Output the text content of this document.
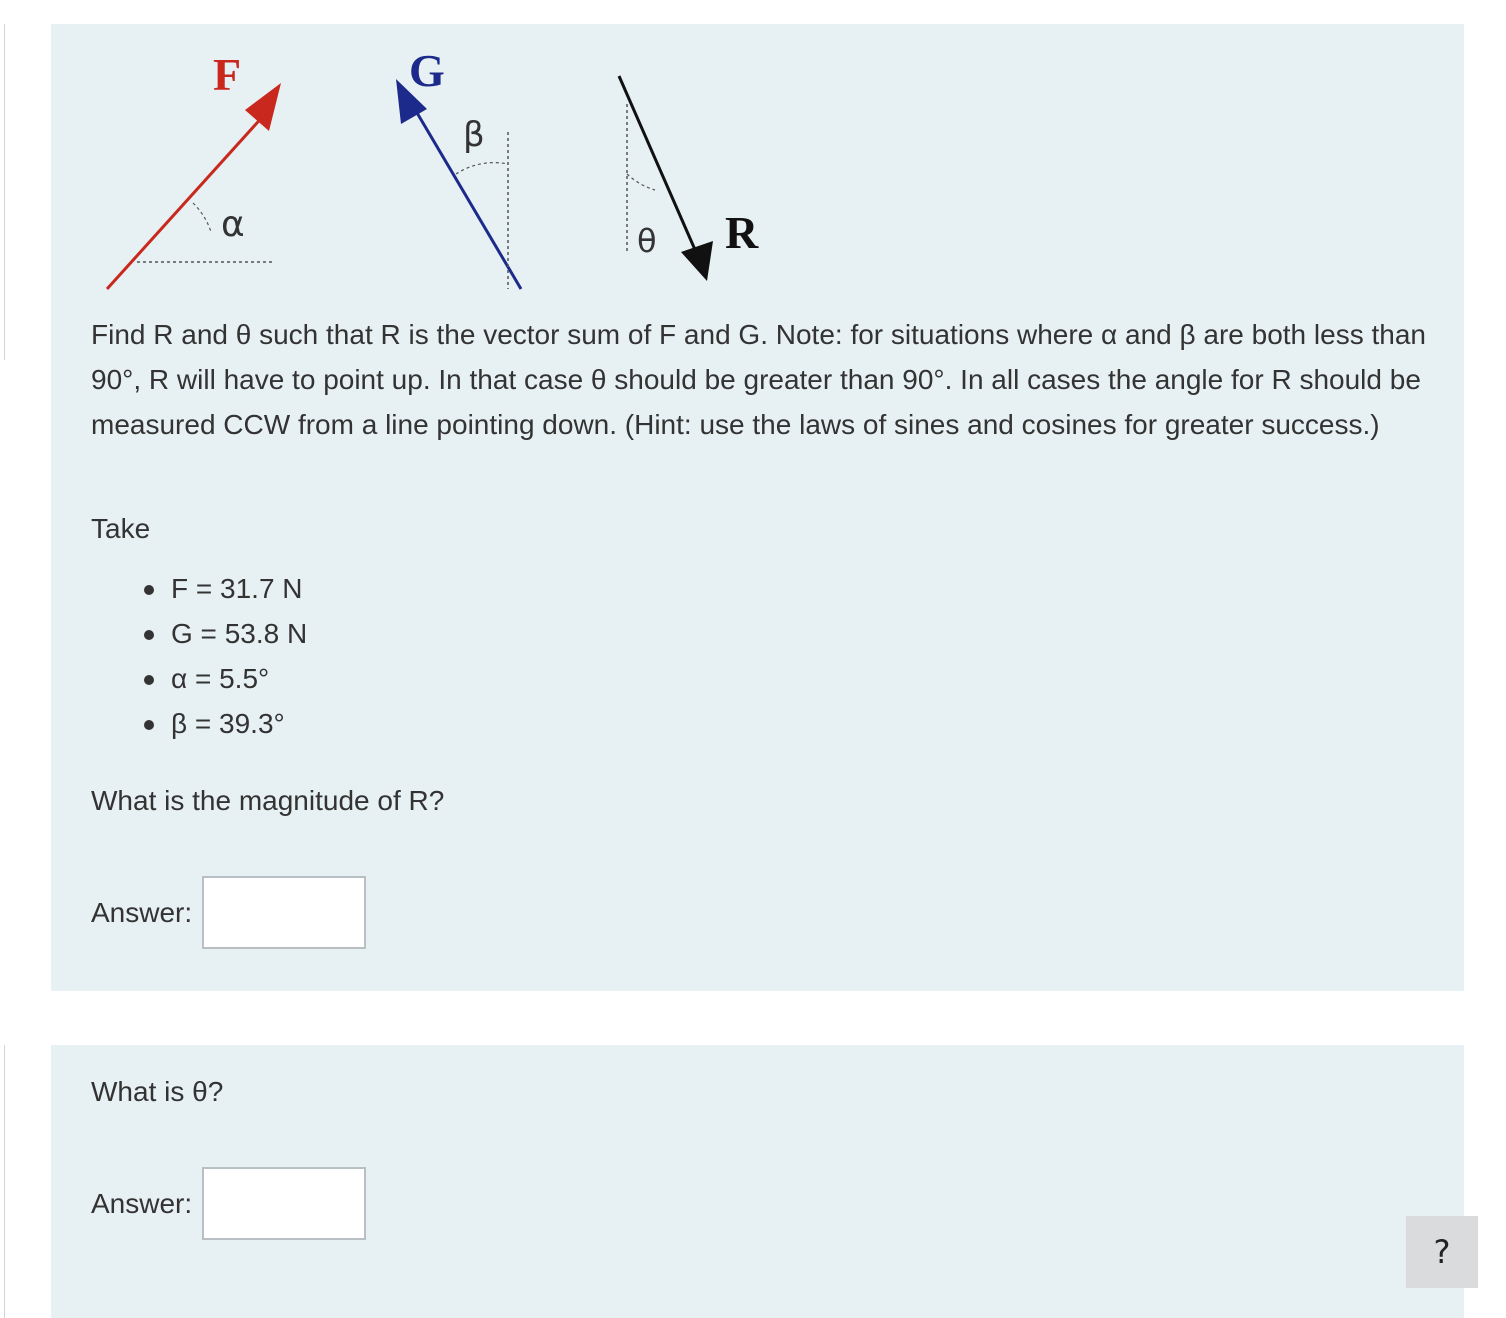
F
α
G
β
θ R

Find R and θ such that R is the vector sum of F and G. Note: for situations where α and β are both less than 90°, R will have to point up. In that case θ should be greater than 90°. In all cases the angle for R should be measured CCW from a line pointing down. (Hint: use the laws of sines and cosines for greater success.)

Take

F = 31.7 N
G = 53.8 N
α = 5.5°
β = 39.3°

What is the magnitude of R?

Answer:

What is θ?

Answer:
?
